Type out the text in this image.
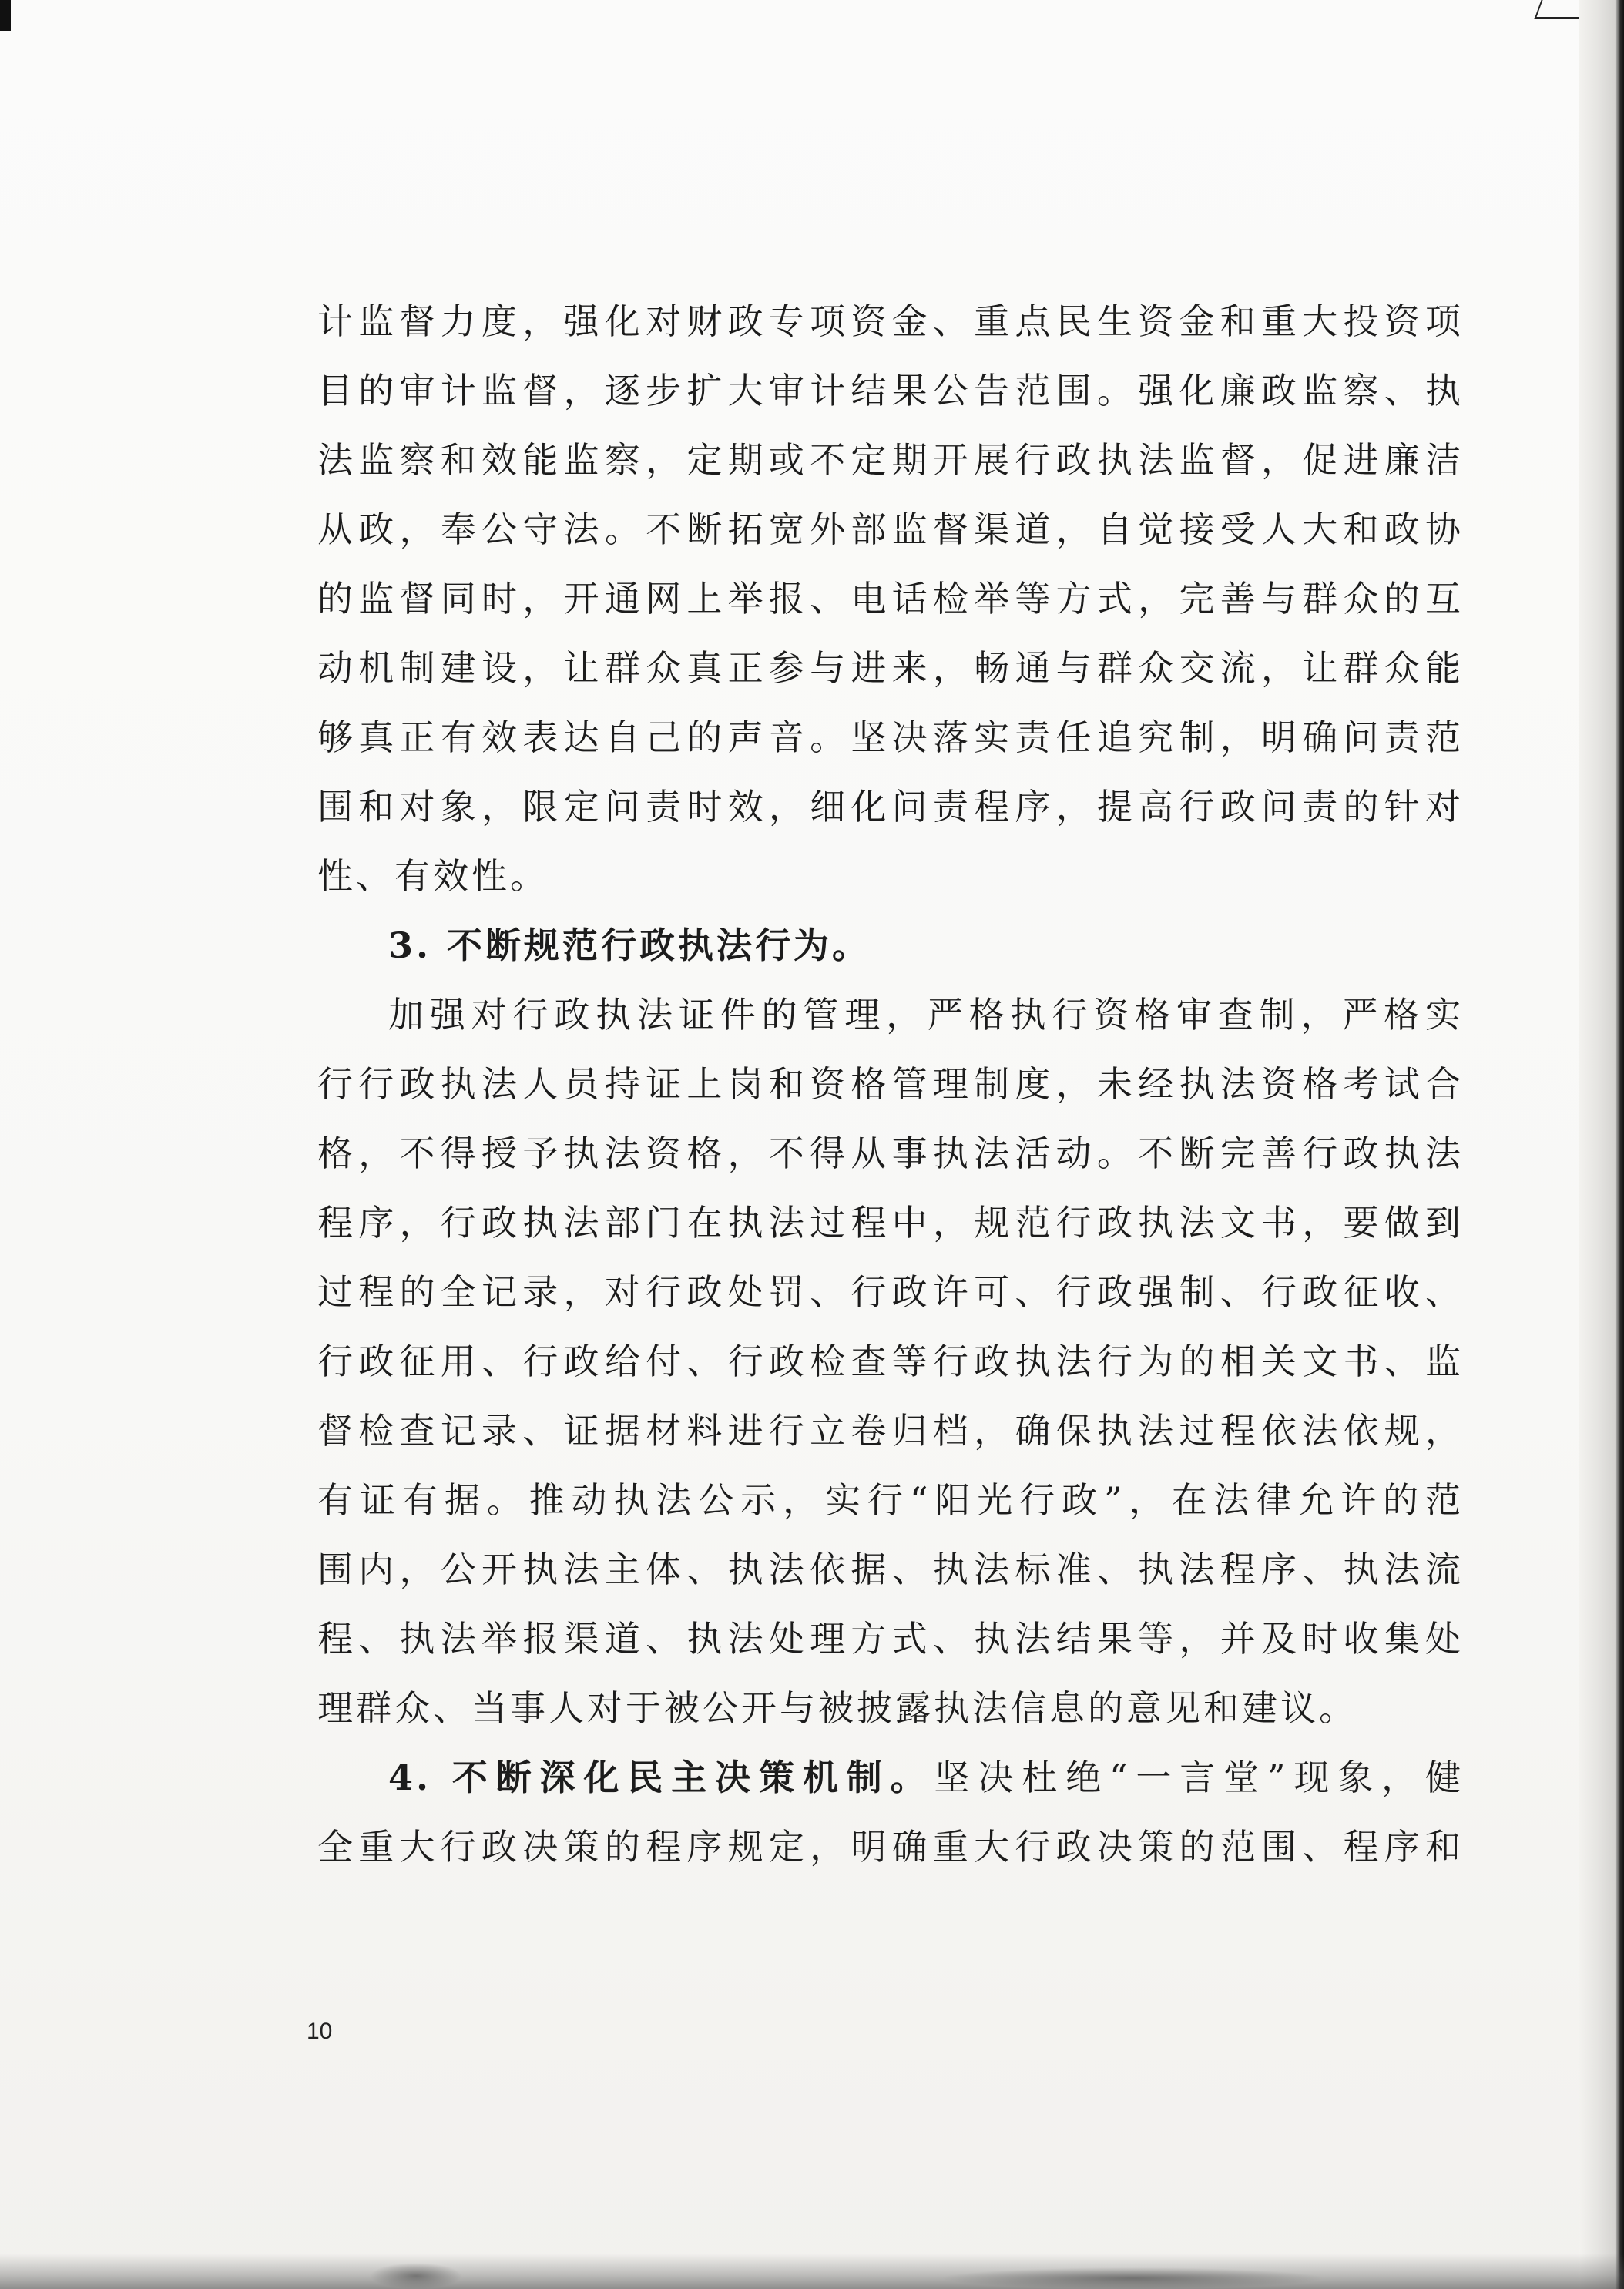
计监督力度，强化对财政专项资金、重点民生资金和重大投资项
目的审计监督，逐步扩大审计结果公告范围。强化廉政监察、执
法监察和效能监察，定期或不定期开展行政执法监督，促进廉洁
从政，奉公守法。不断拓宽外部监督渠道，自觉接受人大和政协
的监督同时，开通网上举报、电话检举等方式，完善与群众的互
动机制建设，让群众真正参与进来，畅通与群众交流，让群众能
够真正有效表达自己的声音。坚决落实责任追究制，明确问责范
围和对象，限定问责时效，细化问责程序，提高行政问责的针对
性、有效性。
3. 不断规范行政执法行为。
加强对行政执法证件的管理，严格执行资格审查制，严格实
行行政执法人员持证上岗和资格管理制度，未经执法资格考试合
格，不得授予执法资格，不得从事执法活动。不断完善行政执法
程序，行政执法部门在执法过程中，规范行政执法文书，要做到
过程的全记录，对行政处罚、行政许可、行政强制、行政征收、
行政征用、行政给付、行政检查等行政执法行为的相关文书、监
督检查记录、证据材料进行立卷归档，确保执法过程依法依规，
有证有据。推动执法公示，实行“阳光行政”，在法律允许的范
围内，公开执法主体、执法依据、执法标准、执法程序、执法流
程、执法举报渠道、执法处理方式、执法结果等，并及时收集处
理群众、当事人对于被公开与被披露执法信息的意见和建议。
4. 不断深化民主决策机制。坚决杜绝“一言堂”现象，健
全重大行政决策的程序规定，明确重大行政决策的范围、程序和
10
